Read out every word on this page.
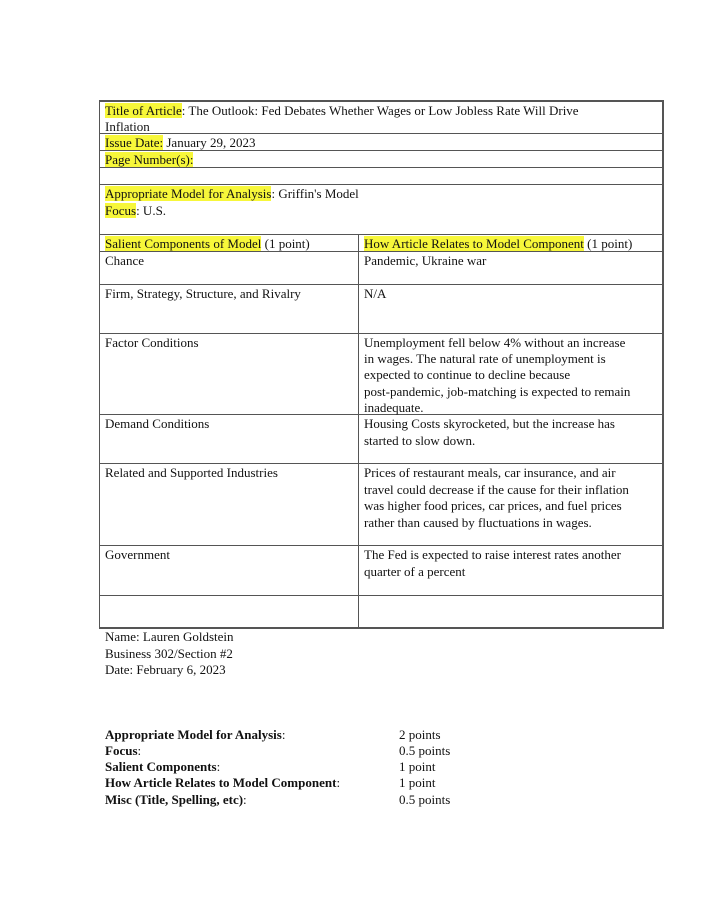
Title of Article: The Outlook: Fed Debates Whether Wages or Low Jobless Rate Will Drive
Inflation
Issue Date: January 29, 2023
Page Number(s):
Appropriate Model for Analysis: Griffin's Model
Focus: U.S.
Salient Components of Model (1 point)	How Article Relates to Model Component (1 point)
Chance	Pandemic, Ukraine war
Firm, Strategy, Structure, and Rivalry	N/A
Factor Conditions	Unemployment fell below 4% without an increase
in wages. The natural rate of unemployment is
expected to continue to decline because
post-pandemic, job-matching is expected to remain
inadequate.
Demand Conditions	Housing Costs skyrocketed, but the increase has
started to slow down.
Related and Supported Industries	Prices of restaurant meals, car insurance, and air
travel could decrease if the cause for their inflation
was higher food prices, car prices, and fuel prices
rather than caused by fluctuations in wages.
Government	The Fed is expected to raise interest rates another
quarter of a percent
Name: Lauren Goldstein
Business 302/Section #2
Date: February 6, 2023
Appropriate Model for Analysis:	2 points
Focus:	0.5 points
Salient Components:	1 point
How Article Relates to Model Component:	1 point
Misc (Title, Spelling, etc):	0.5 points
